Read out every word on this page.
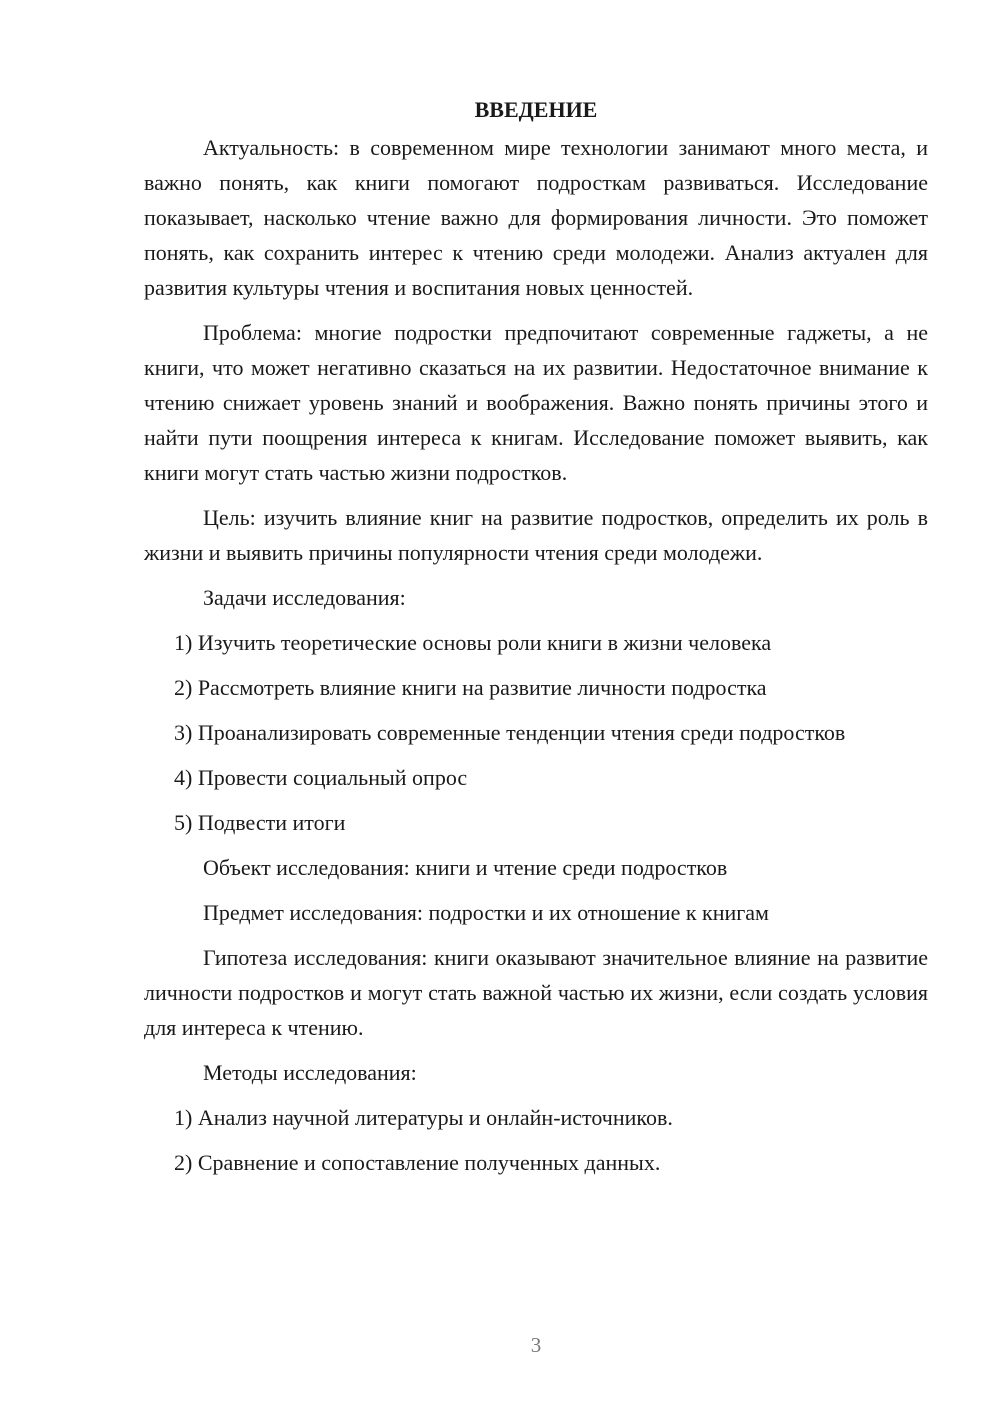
ВВЕДЕНИЕ
Актуальность: в современном мире технологии занимают много места, и важно понять, как книги помогают подросткам развиваться. Исследование показывает, насколько чтение важно для формирования личности. Это поможет понять, как сохранить интерес к чтению среди молодежи. Анализ актуален для развития культуры чтения и воспитания новых ценностей.
Проблема: многие подростки предпочитают современные гаджеты, а не книги, что может негативно сказаться на их развитии. Недостаточное внимание к чтению снижает уровень знаний и воображения. Важно понять причины этого и найти пути поощрения интереса к книгам. Исследование поможет выявить, как книги могут стать частью жизни подростков.
Цель: изучить влияние книг на развитие подростков, определить их роль в жизни и выявить причины популярности чтения среди молодежи.
Задачи исследования:
1) Изучить теоретические основы роли книги в жизни человека
2) Рассмотреть влияние книги на развитие личности подростка
3) Проанализировать современные тенденции чтения среди подростков
4) Провести социальный опрос
5) Подвести итоги
Объект исследования: книги и чтение среди подростков
Предмет исследования: подростки и их отношение к книгам
Гипотеза исследования: книги оказывают значительное влияние на развитие личности подростков и могут стать важной частью их жизни, если создать условия для интереса к чтению.
Методы исследования:
1) Анализ научной литературы и онлайн-источников.
2) Сравнение и сопоставление полученных данных.
3
